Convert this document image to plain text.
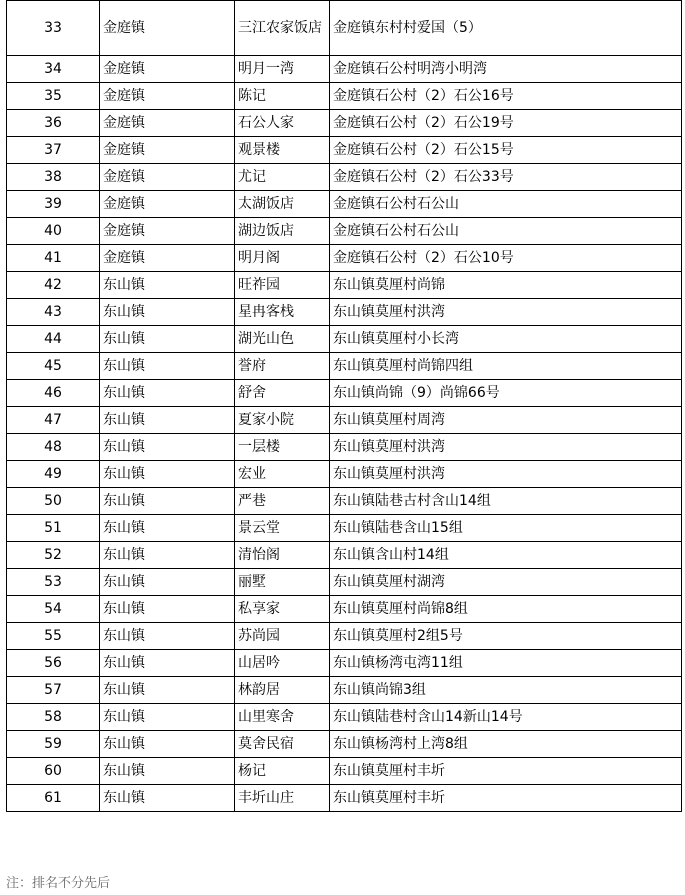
33	金庭镇	三江农家饭店	金庭镇东村村爱国（5）
34	金庭镇	明月一湾	金庭镇石公村明湾小明湾
35	金庭镇	陈记	金庭镇石公村（2）石公16号
36	金庭镇	石公人家	金庭镇石公村（2）石公19号
37	金庭镇	观景楼	金庭镇石公村（2）石公15号
38	金庭镇	尤记	金庭镇石公村（2）石公33号
39	金庭镇	太湖饭店	金庭镇石公村石公山
40	金庭镇	湖边饭店	金庭镇石公村石公山
41	金庭镇	明月阁	金庭镇石公村（2）石公10号
42	东山镇	旺祚园	东山镇莫厘村尚锦
43	东山镇	星冉客栈	东山镇莫厘村洪湾
44	东山镇	湖光山色	东山镇莫厘村小长湾
45	东山镇	誉府	东山镇莫厘村尚锦四组
46	东山镇	舒舍	东山镇尚锦（9）尚锦66号
47	东山镇	夏家小院	东山镇莫厘村周湾
48	东山镇	一层楼	东山镇莫厘村洪湾
49	东山镇	宏业	东山镇莫厘村洪湾
50	东山镇	严巷	东山镇陆巷古村含山14组
51	东山镇	景云堂	东山镇陆巷含山15组
52	东山镇	清怡阁	东山镇含山村14组
53	东山镇	丽墅	东山镇莫厘村湖湾
54	东山镇	私享家	东山镇莫厘村尚锦8组
55	东山镇	苏尚园	东山镇莫厘村2组5号
56	东山镇	山居吟	东山镇杨湾屯湾11组
57	东山镇	林韵居	东山镇尚锦3组
58	东山镇	山里寒舍	东山镇陆巷村含山14新山14号
59	东山镇	莫舍民宿	东山镇杨湾村上湾8组
60	东山镇	杨记	东山镇莫厘村丰圻
61	东山镇	丰圻山庄	东山镇莫厘村丰圻
注：排名不分先后
